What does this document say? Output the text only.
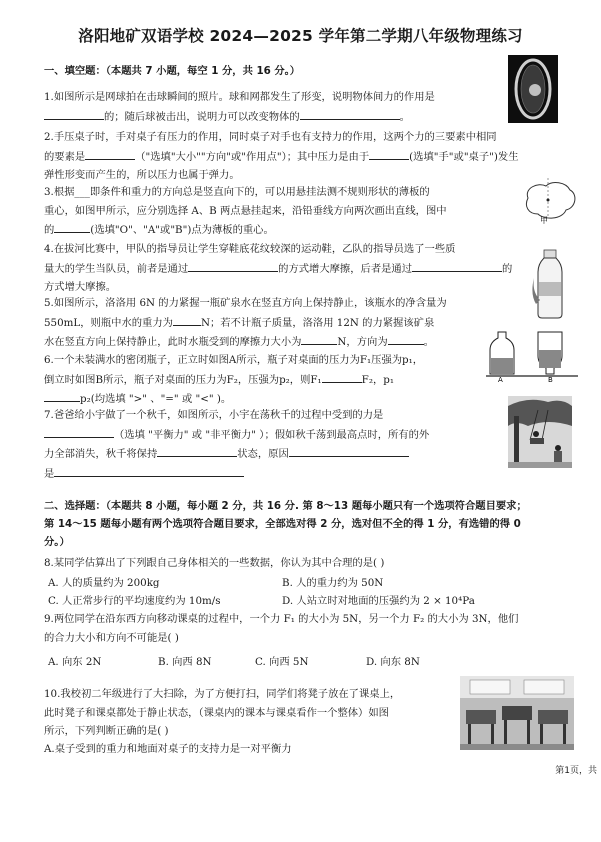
洛阳地矿双语学校 2024—2025 学年第二学期八年级物理练习
一、填空题：（本题共 7 小题，每空 1 分，共 16 分。）
1.如图所示是网球拍在击球瞬间的照片。球和网都发生了形变，说明物体间力的作用是
的；随后球被击出，说明力可以改变物体的	。
2.手压桌子时，手对桌子有压力的作用，同时桌子对手也有支持力的作用，这两个力的三要素中相同
的要素是	（"选填"大小""方向"或"作用点"）；其中压力是由于	(选填"手"或"桌子")发生
弹性形变而产生的，所以压力也属于弹力。
甲
3.根据___即条件和重力的方向总是竖直向下的，可以用悬挂法测不规则形状的薄板的
重心，如图甲所示，应分别选择 A、B 两点悬挂起来，沿铅垂线方向两次画出直线，图中
的	(选填"O"、"A"或"B")点为薄板的重心。
4.在拔河比赛中，甲队的指导员让学生穿鞋底花纹较深的运动鞋，乙队的指导员选了一些质
量大的学生当队员，前者是通过	的方式增大摩擦，后者是通过	的
方式增大摩擦。
5.如图所示，洛洛用 6N 的力紧握一瓶矿泉水在竖直方向上保持静止，该瓶水的净含量为
550mL，则瓶中水的重力为	N；若不计瓶子质量，洛洛用 12N 的力紧握该矿泉
水在竖直方向上保持静止，此时水瓶受到的摩擦力大小为	N，方向为	。
A	B
6.一个未装满水的密闭瓶子，正立时如图A所示，瓶子对桌面的压力为F₁压强为p₁，
倒立时如图B所示，瓶子对桌面的压力为F₂，压强为p₂，则F₁	F₂，p₁
p₂(均选填 ">" 、"=" 或 "<" )。
7.爸爸给小宇做了一个秋千，如图所示，小宇在荡秋千的过程中受到的力是
（选填 "平衡力" 或 "非平衡力" ）；假如秋千荡到最高点时，所有的外
力全部消失，秋千将保持	状态，原因
是
二、选择题：（本题共 8 小题，每小题 2 分，共 16 分. 第 8～13 题每小题只有一个选项符合题目要求；
第 14～15 题每小题有两个选项符合题目要求，全部选对得 2 分，选对但不全的得 1 分，有选错的得 0
分。）
8.某同学估算出了下列跟自己身体相关的一些数据，你认为其中合理的是( )
A. 人的质量约为 200kg	B. 人的重力约为 50N
C. 人正常步行的平均速度约为 10m/s	D. 人站立时对地面的压强约为 2 × 10⁴Pa
9.两位同学在沿东西方向移动课桌的过程中，一个力 F₁ 的大小为 5N，另一个力 F₂ 的大小为 3N，他们
的合力大小和方向不可能是( )
A. 向东 2N	B. 向西 8N	C. 向西 5N	D. 向东 8N
10.我校初二年级进行了大扫除，为了方便打扫，同学们将凳子放在了课桌上，
此时凳子和课桌都处于静止状态，（课桌内的课本与课桌看作一个整体）如图
所示，下列判断正确的是( )
A.桌子受到的重力和地面对桌子的支持力是一对平衡力
第1页，共
